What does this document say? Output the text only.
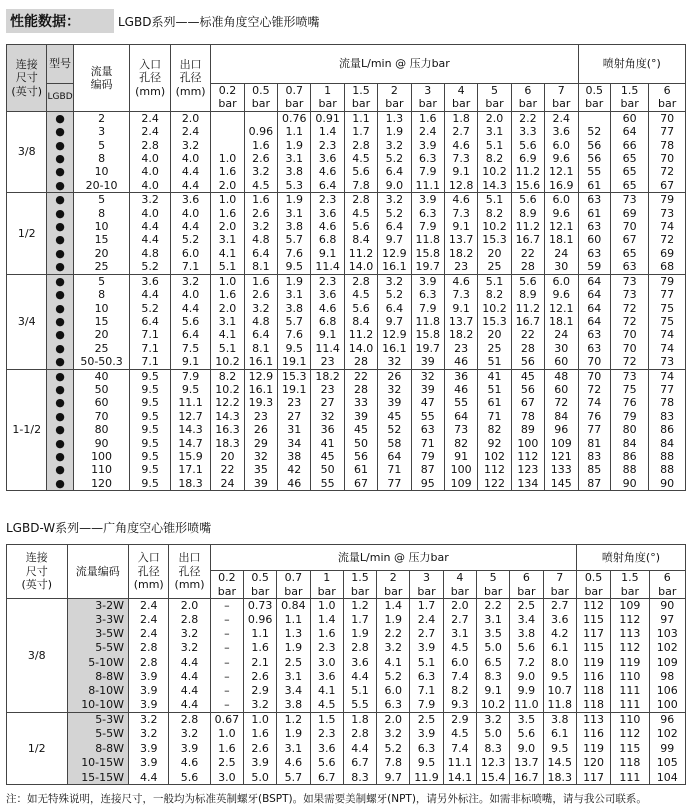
性能数据：	LGBD系列——标准角度空心锥形喷嘴
连接
尺寸
(英寸)	型号	流量
编码	入口
孔径
(mm)	出口
孔径
(mm)	流量L/min @ 压力bar											喷射角度(°)		

	LGBD				0.2
bar	0.5
bar	0.7
bar	1
bar	1.5
bar	2
bar	3
bar	4
bar	5
bar	6
bar	7
bar	0.5
bar	1.5
bar	6
bar
3/8	●	2	2.4	2.0			0.76	0.91	1.1	1.3	1.6	1.8	2.0	2.2	2.4		60	70
	●	3	2.4	2.4		0.96	1.1	1.4	1.7	1.9	2.4	2.7	3.1	3.3	3.6	52	64	77
	●	5	2.8	3.2		1.6	1.9	2.3	2.8	3.2	3.9	4.6	5.1	5.6	6.0	56	66	78
	●	8	4.0	4.0	1.0	2.6	3.1	3.6	4.5	5.2	6.3	7.3	8.2	6.9	9.6	56	65	70
	●	10	4.0	4.4	1.6	3.2	3.8	4.6	5.6	6.4	7.9	9.1	10.2	11.2	12.1	55	65	72
	●	20-10	4.0	4.4	2.0	4.5	5.3	6.4	7.8	9.0	11.1	12.8	14.3	15.6	16.9	61	65	67
1/2	●	5	3.2	3.6	1.0	1.6	1.9	2.3	2.8	3.2	3.9	4.6	5.1	5.6	6.0	63	73	79
	●	8	4.0	4.0	1.6	2.6	3.1	3.6	4.5	5.2	6.3	7.3	8.2	8.9	9.6	61	69	73
	●	10	4.4	4.4	2.0	3.2	3.8	4.6	5.6	6.4	7.9	9.1	10.2	11.2	12.1	63	70	74
	●	15	4.4	5.2	3.1	4.8	5.7	6.8	8.4	9.7	11.8	13.7	15.3	16.7	18.1	60	67	72
	●	20	4.8	6.0	4.1	6.4	7.6	9.1	11.2	12.9	15.8	18.2	20	22	24	63	65	69
	●	25	5.2	7.1	5.1	8.1	9.5	11.4	14.0	16.1	19.7	23	25	28	30	59	63	68
3/4	●	5	3.6	3.2	1.0	1.6	1.9	2.3	2.8	3.2	3.9	4.6	5.1	5.6	6.0	64	73	79
	●	8	4.4	4.0	1.6	2.6	3.1	3.6	4.5	5.2	6.3	7.3	8.2	8.9	9.6	64	73	77
	●	10	5.2	4.4	2.0	3.2	3.8	4.6	5.6	6.4	7.9	9.1	10.2	11.2	12.1	64	72	75
	●	15	6.4	5.6	3.1	4.8	5.7	6.8	8.4	9.7	11.8	13.7	15.3	16.7	18.1	64	72	75
	●	20	7.1	6.4	4.1	6.4	7.6	9.1	11.2	12.9	15.8	18.2	20	22	24	63	70	74
	●	25	7.1	7.5	5.1	8.1	9.5	11.4	14.0	16.1	19.7	23	25	28	30	63	70	74
	●	50-50.3	7.1	9.1	10.2	16.1	19.1	23	28	32	39	46	51	56	60	70	72	73
1-1/2	●	40	9.5	7.9	8.2	12.9	15.3	18.2	22	26	32	36	41	45	48	70	73	74
	●	50	9.5	9.5	10.2	16.1	19.1	23	28	32	39	46	51	56	60	72	75	77
	●	60	9.5	11.1	12.2	19.3	23	27	33	39	47	55	61	67	72	74	76	78
	●	70	9.5	12.7	14.3	23	27	32	39	45	55	64	71	78	84	76	79	83
	●	80	9.5	14.3	16.3	26	31	36	45	52	63	73	82	89	96	77	80	86
	●	90	9.5	14.7	18.3	29	34	41	50	58	71	82	92	100	109	81	84	84
	●	100	9.5	15.9	20	32	38	45	56	64	79	91	102	112	121	83	86	88
	●	110	9.5	17.1	22	35	42	50	61	71	87	100	112	123	133	85	88	88
	●	120	9.5	18.3	24	39	46	55	67	77	95	109	122	134	145	87	90	90
LGBD-W系列——广角度空心锥形喷嘴
连接
尺寸
(英寸)	流量编码	入口
孔径
(mm)	出口
孔径
(mm)	流量L/min @ 压力bar											喷射角度(°)		
				0.2
bar	0.5
bar	0.7
bar	1
bar	1.5
bar	2
bar	3
bar	4
bar	5
bar	6
bar	7
bar	0.5
bar	1.5
bar	6
bar
3/8	3-2W	2.4	2.0	–	0.73	0.84	1.0	1.2	1.4	1.7	2.0	2.2	2.5	2.7	112	109	90
	3-3W	2.4	2.8	–	0.96	1.1	1.4	1.7	1.9	2.4	2.7	3.1	3.4	3.6	115	112	97
	3-5W	2.4	3.2	–	1.1	1.3	1.6	1.9	2.2	2.7	3.1	3.5	3.8	4.2	117	113	103
	5-5W	2.8	3.2	–	1.6	1.9	2.3	2.8	3.2	3.9	4.5	5.0	5.6	6.1	115	112	102
	5-10W	2.8	4.4	–	2.1	2.5	3.0	3.6	4.1	5.1	6.0	6.5	7.2	8.0	119	119	109
	8-8W	3.9	4.4	–	2.6	3.1	3.6	4.4	5.2	6.3	7.4	8.3	9.0	9.5	116	110	98
	8-10W	3.9	4.4	–	2.9	3.4	4.1	5.1	6.0	7.1	8.2	9.1	9.9	10.7	118	111	106
	10-10W	3.9	4.4	–	3.2	3.8	4.5	5.5	6.3	7.9	9.3	10.2	11.0	11.8	118	111	100
1/2	5-3W	3.2	2.8	0.67	1.0	1.2	1.5	1.8	2.0	2.5	2.9	3.2	3.5	3.8	113	110	96
	5-5W	3.2	3.2	1.0	1.6	1.9	2.3	2.8	3.2	3.9	4.5	5.0	5.6	6.1	116	112	102
	8-8W	3.9	3.9	1.6	2.6	3.1	3.6	4.4	5.2	6.3	7.4	8.3	9.0	9.5	119	115	99
	10-15W	3.9	4.6	2.5	3.9	4.6	5.6	6.7	7.8	9.5	11.1	12.3	13.7	14.5	120	118	105
	15-15W	4.4	5.6	3.0	5.0	5.7	6.7	8.3	9.7	11.9	14.1	15.4	16.7	18.3	117	111	104
注：如无特殊说明，连接尺寸，一般均为标准英制螺牙(BSPT)。如果需要美制螺牙(NPT)，请另外标注。如需非标喷嘴，请与我公司联系。
